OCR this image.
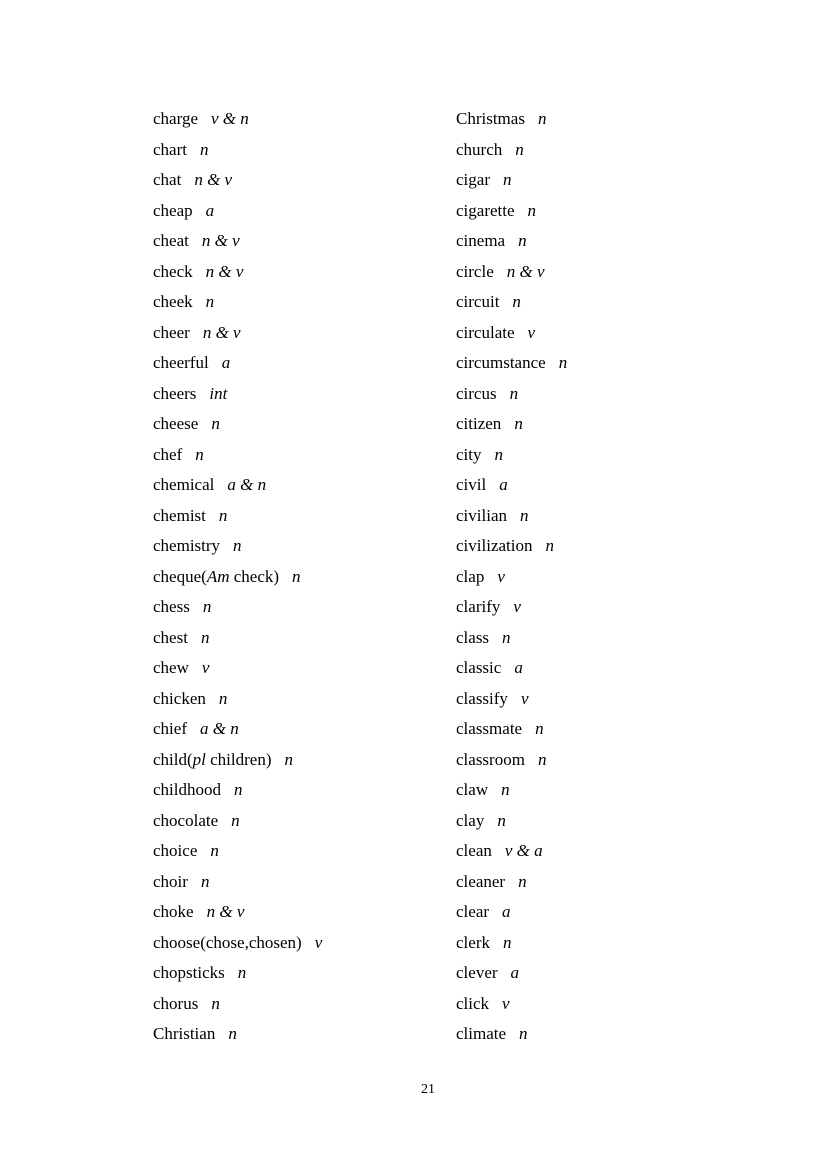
charge v & n
chart n
chat n & v
cheap a
cheat n & v
check n & v
cheek n
cheer n & v
cheerful a
cheers int
cheese n
chef n
chemical a & n
chemist n
chemistry n
cheque(Am check) n
chess n
chest n
chew v
chicken n
chief a & n
child(pl children) n
childhood n
chocolate n
choice n
choir n
choke n & v
choose(chose,chosen) v
chopsticks n
chorus n
Christian n
Christmas n
church n
cigar n
cigarette n
cinema n
circle n & v
circuit n
circulate v
circumstance n
circus n
citizen n
city n
civil a
civilian n
civilization n
clap v
clarify v
class n
classic a
classify v
classmate n
classroom n
claw n
clay n
clean v & a
cleaner n
clear a
clerk n
clever a
click v
climate n
21
